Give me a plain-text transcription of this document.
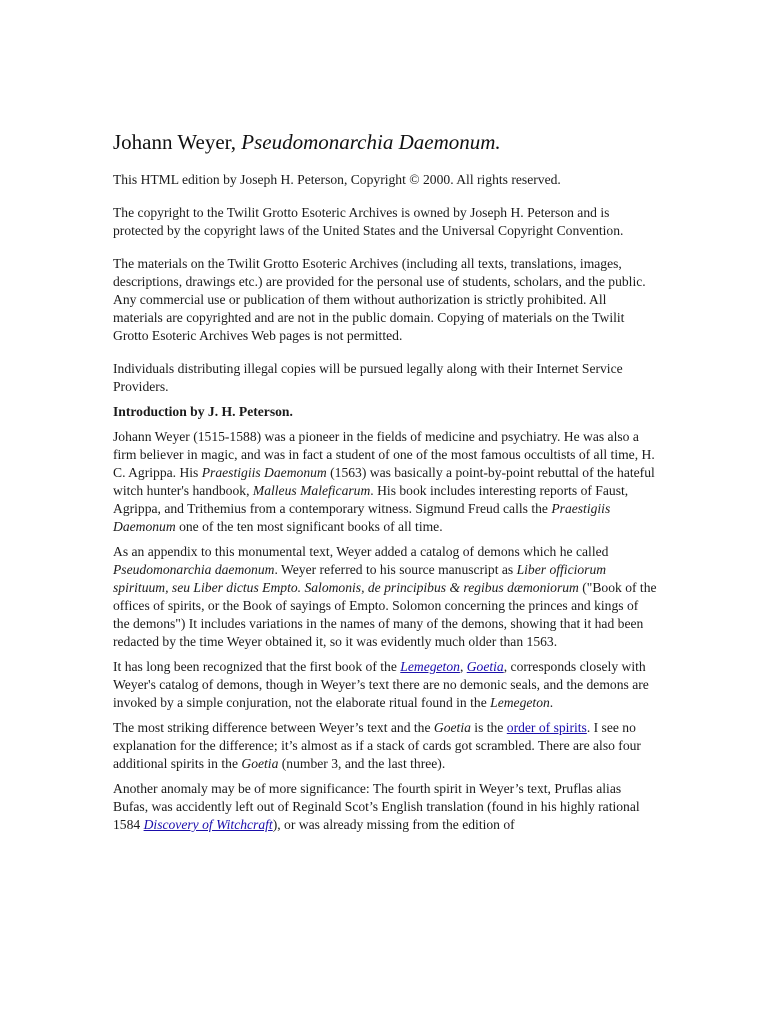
Johann Weyer, Pseudomonarchia Daemonum.

This HTML edition by Joseph H. Peterson, Copyright © 2000. All rights reserved.

The copyright to the Twilit Grotto Esoteric Archives is owned by Joseph H. Peterson and is protected by the copyright laws of the United States and the Universal Copyright Convention.

The materials on the Twilit Grotto Esoteric Archives (including all texts, translations, images, descriptions, drawings etc.) are provided for the personal use of students, scholars, and the public. Any commercial use or publication of them without authorization is strictly prohibited. All materials are copyrighted and are not in the public domain. Copying of materials on the Twilit Grotto Esoteric Archives Web pages is not permitted.

Individuals distributing illegal copies will be pursued legally along with their Internet Service Providers.

Introduction by J. H. Peterson.

Johann Weyer (1515-1588) was a pioneer in the fields of medicine and psychiatry. He was also a firm believer in magic, and was in fact a student of one of the most famous occultists of all time, H. C. Agrippa. His Praestigiis Daemonum (1563) was basically a point-by-point rebuttal of the hateful witch hunter's handbook, Malleus Maleficarum. His book includes interesting reports of Faust, Agrippa, and Trithemius from a contemporary witness. Sigmund Freud calls the Praestigiis Daemonum one of the ten most significant books of all time.

As an appendix to this monumental text, Weyer added a catalog of demons which he called Pseudomonarchia daemonum. Weyer referred to his source manuscript as Liber officiorum spirituum, seu Liber dictus Empto. Salomonis, de principibus & regibus dæmoniorum ("Book of the offices of spirits, or the Book of sayings of Empto. Solomon concerning the princes and kings of the demons") It includes variations in the names of many of the demons, showing that it had been redacted by the time Weyer obtained it, so it was evidently much older than 1563.

It has long been recognized that the first book of the Lemegeton, Goetia, corresponds closely with Weyer's catalog of demons, though in Weyer’s text there are no demonic seals, and the demons are invoked by a simple conjuration, not the elaborate ritual found in the Lemegeton.

The most striking difference between Weyer’s text and the Goetia is the order of spirits. I see no explanation for the difference; it’s almost as if a stack of cards got scrambled. There are also four additional spirits in the Goetia (number 3, and the last three).

Another anomaly may be of more significance: The fourth spirit in Weyer’s text, Pruflas alias Bufas, was accidently left out of Reginald Scot’s English translation (found in his highly rational 1584 Discovery of Witchcraft), or was already missing from the edition of
